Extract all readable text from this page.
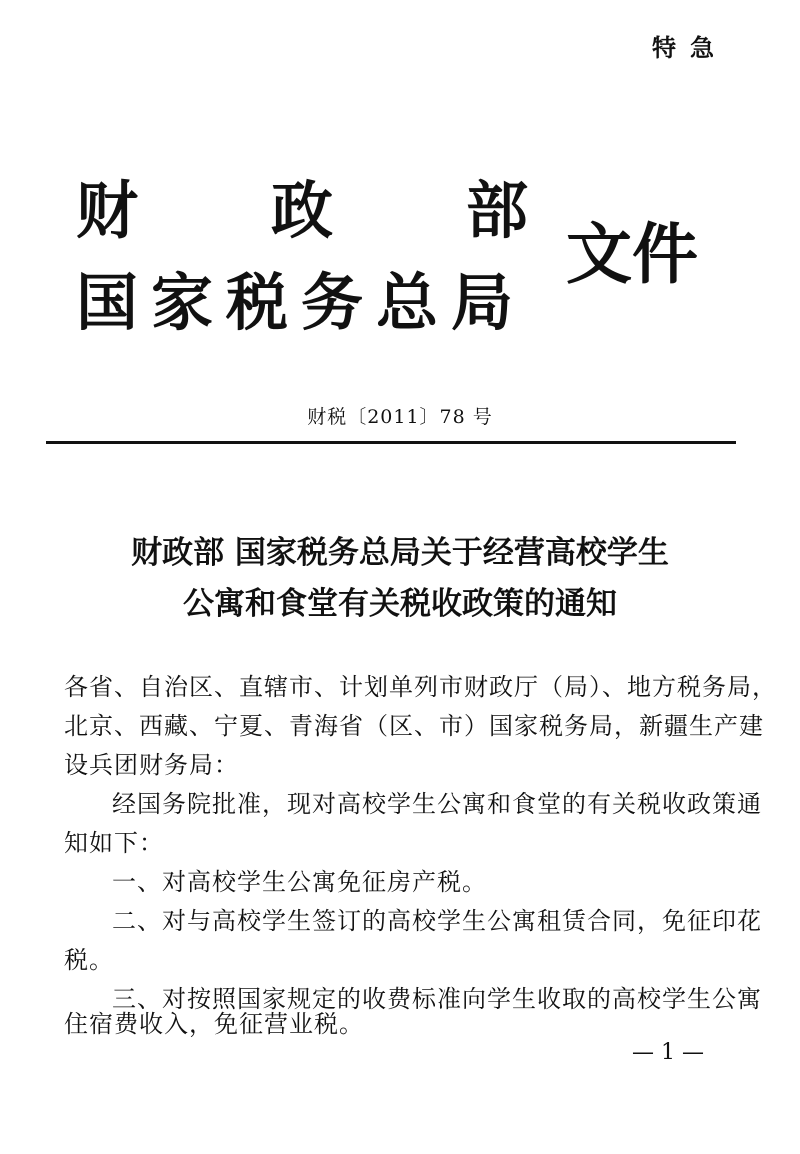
特急
财政部
国家税务总局
文件
财税〔2011〕78 号
财政部 国家税务总局关于经营高校学生
公寓和食堂有关税收政策的通知
各省、自治区、直辖市、计划单列市财政厅（局）、地方税务局，
北京、西藏、宁夏、青海省（区、市）国家税务局，新疆生产建
设兵团财务局：
经国务院批准，现对高校学生公寓和食堂的有关税收政策通
知如下：
一、对高校学生公寓免征房产税。
二、对与高校学生签订的高校学生公寓租赁合同，免征印花
税。
三、对按照国家规定的收费标准向学生收取的高校学生公寓
住宿费收入，免征营业税。
— 1 —
